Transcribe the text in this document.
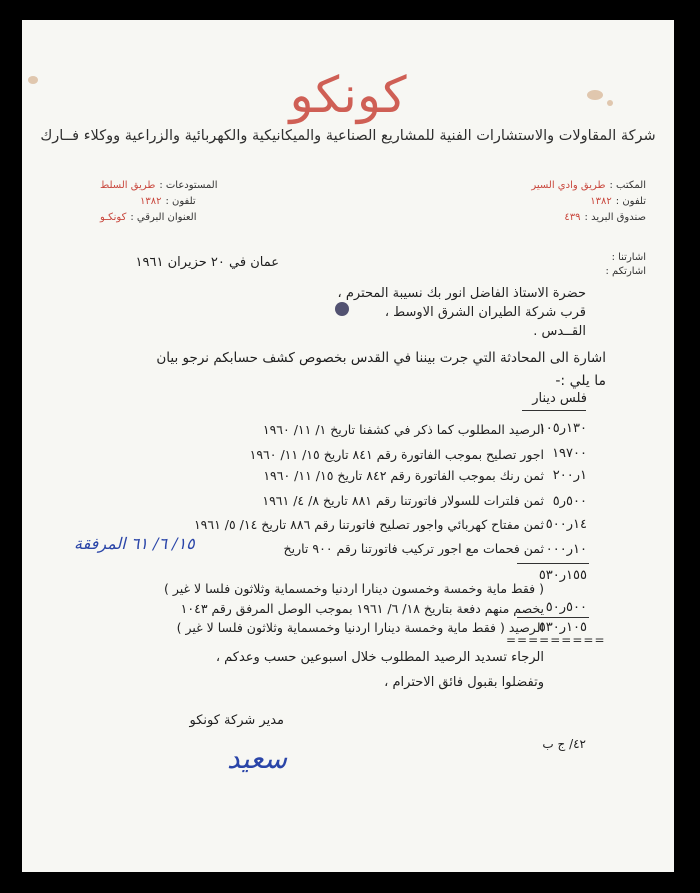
كونكو
شركة المقاولات والاستشارات الفنية للمشاريع الصناعية والميكانيكية والكهربائية والزراعية ووكلاء فــارك
المكتب :طريق وادي السير
تلفون :١٣٨٢
صندوق البريد :٤٣٩
المستودعات :طريق السلط
تلفون :١٣٨٢
العنوان البرقي :كونكـو
اشارتنا :
اشارتكم :
عمان في ٢٠ حزيران ١٩٦١
حضرة الاستاذ الفاضل انور بك نسيبة المحترم ،
قرب شركة الطيران الشرق الاوسط ،
القــدس .
اشارة الى المحادثة التي جرت بيننا في القدس بخصوص كشف حسابكم نرجو بيان
ما يلي :-
فلس دينار
١٣٠ر١٠٥
الرصيد المطلوب كما ذكر في كشفنا تاريخ ١/ ١١/ ١٩٦٠
١٩٧٠٠
اجور تصليح بموجب الفاتورة رقم ٨٤١ تاريخ ١٥/ ١١/ ١٩٦٠
١ر٢٠٠
ثمن رنك بموجب الفاتورة رقم ٨٤٢ تاريخ ١٥/ ١١/ ١٩٦٠
٥٠٠ر٥
ثمن فلترات للسولار فاتورتنا رقم ٨٨١ تاريخ ٨/ ٤/ ١٩٦١
١٤ر٥٠٠
ثمن مفتاح كهربائي واجور تصليح فاتورتنا رقم ٨٨٦ تاريخ ١٤/ ٥/ ١٩٦١
١٠ر٠٠٠
ثمن فحمات مع اجور تركيب فاتورتنا رقم ٩٠٠ تاريخ
١٥/ ٦/ ٦١ المرفقة
١٥٥ر٥٣٠
( فقط ماية وخمسة وخمسون دينارا اردنيا وخمسماية وثلاثون فلسا لا غير )
٥٠٠ر٥٠
يخصم منهم دفعة بتاريخ ١٨/ ٦/ ١٩٦١ بموجب الوصل المرفق رقم ١٠٤٣
١٠٥ر٥٣٠
الرصيد ( فقط ماية وخمسة دينارا اردنيا وخمسماية وثلاثون فلسا لا غير )
=========
الرجاء تسديد الرصيد المطلوب خلال اسبوعين حسب وعدكم ،
وتفضلوا بقبول فائق الاحترام ،
مدير شركة كونكو
سعيد	٤٢/ ج ب
